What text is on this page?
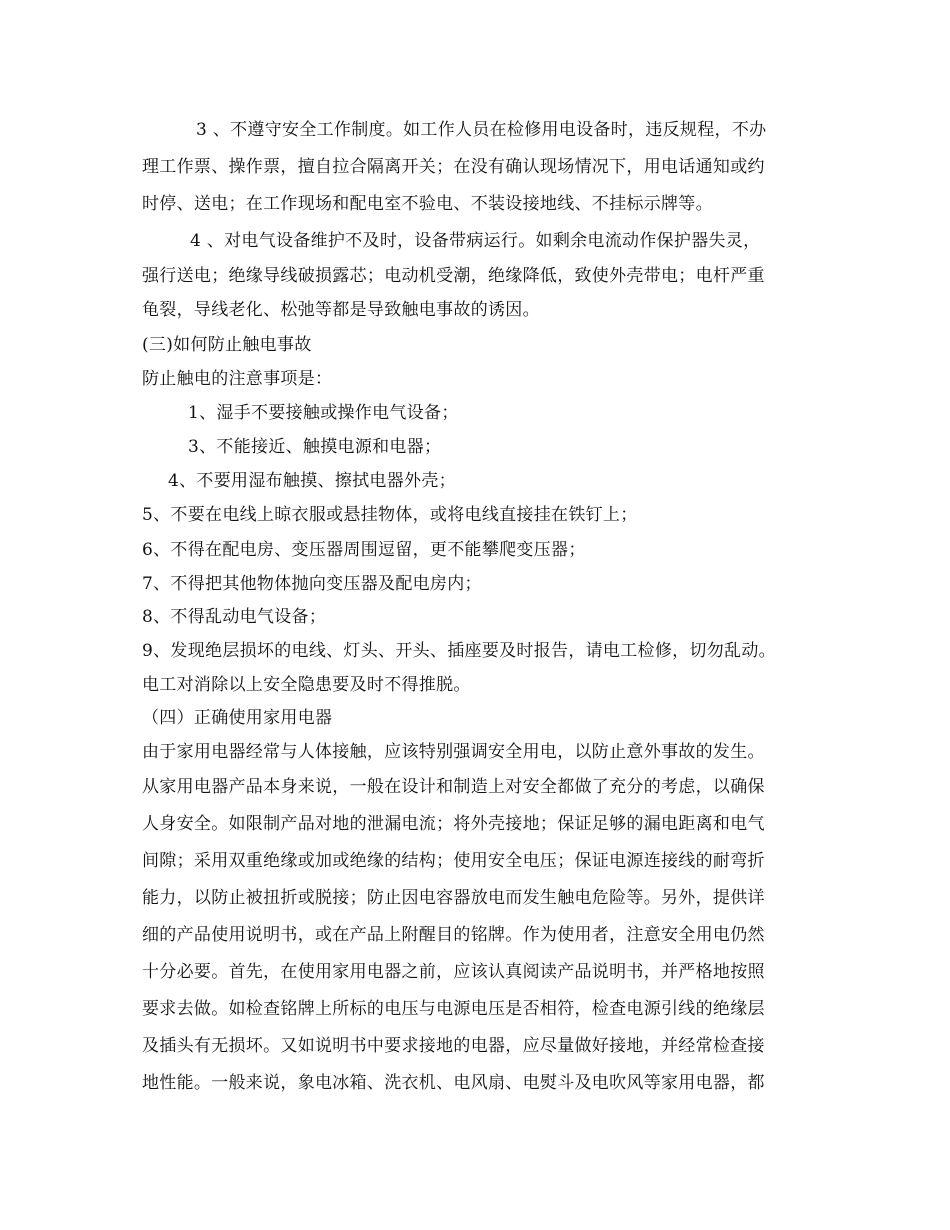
3 、不遵守安全工作制度。如工作人员在检修用电设备时，违反规程，不办
理工作票、操作票，擅自拉合隔离开关；在没有确认现场情况下，用电话通知或约
时停、送电；在工作现场和配电室不验电、不装设接地线、不挂标示牌等。
4 、对电气设备维护不及时，设备带病运行。如剩余电流动作保护器失灵，
强行送电；绝缘导线破损露芯；电动机受潮，绝缘降低，致使外壳带电；电杆严重
龟裂，导线老化、松弛等都是导致触电事故的诱因。
(三)如何防止触电事故
防止触电的注意事项是：
1、湿手不要接触或操作电气设备；
3、不能接近、触摸电源和电器；
4、不要用湿布触摸、擦拭电器外壳；
5、不要在电线上晾衣服或悬挂物体，或将电线直接挂在铁钉上；
6、不得在配电房、变压器周围逗留，更不能攀爬变压器；
7、不得把其他物体抛向变压器及配电房内；
8、不得乱动电气设备；
9、发现绝层损坏的电线、灯头、开头、插座要及时报告，请电工检修，切勿乱动。
电工对消除以上安全隐患要及时不得推脱。
（四）正确使用家用电器
由于家用电器经常与人体接触，应该特别强调安全用电，以防止意外事故的发生。
从家用电器产品本身来说，一般在设计和制造上对安全都做了充分的考虑，以确保
人身安全。如限制产品对地的泄漏电流；将外壳接地；保证足够的漏电距离和电气
间隙；采用双重绝缘或加或绝缘的结构；使用安全电压；保证电源连接线的耐弯折
能力，以防止被扭折或脱接；防止因电容器放电而发生触电危险等。另外，提供详
细的产品使用说明书，或在产品上附醒目的铭牌。作为使用者，注意安全用电仍然
十分必要。首先，在使用家用电器之前，应该认真阅读产品说明书，并严格地按照
要求去做。如检查铭牌上所标的电压与电源电压是否相符，检查电源引线的绝缘层
及插头有无损坏。又如说明书中要求接地的电器，应尽量做好接地，并经常检查接
地性能。一般来说，象电冰箱、洗衣机、电风扇、电熨斗及电吹风等家用电器，都
